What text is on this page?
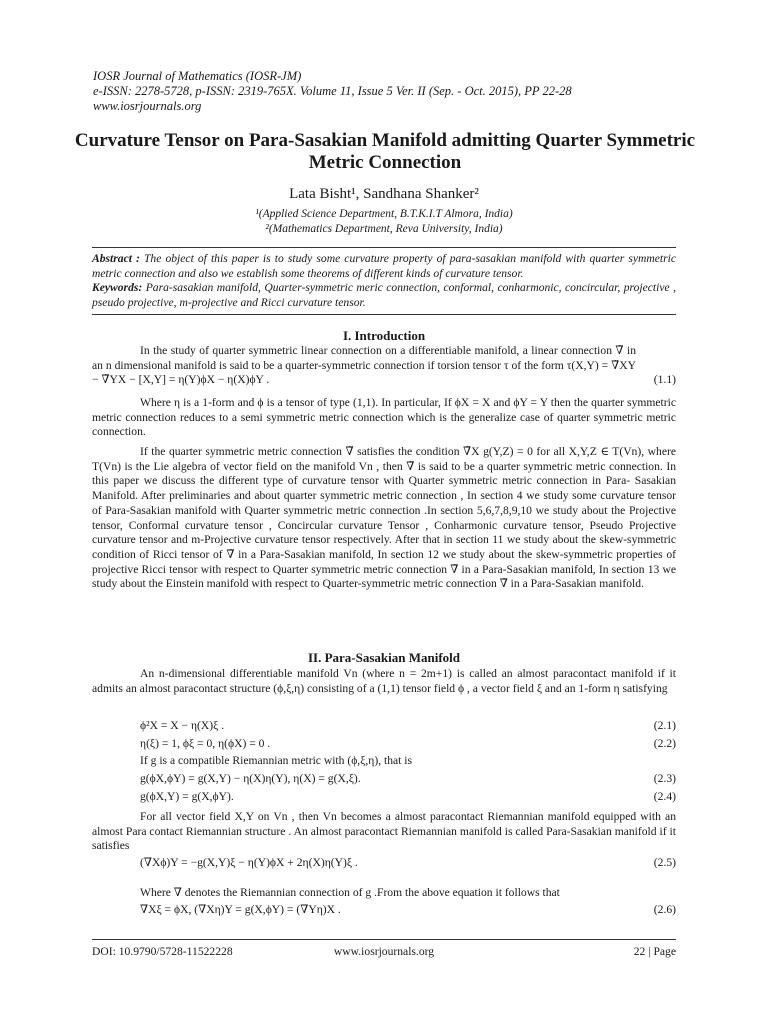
IOSR Journal of Mathematics (IOSR-JM)
e-ISSN: 2278-5728, p-ISSN: 2319-765X. Volume 11, Issue 5 Ver. II (Sep. - Oct. 2015), PP 22-28
www.iosrjournals.org
Curvature Tensor on Para-Sasakian Manifold admitting Quarter Symmetric Metric Connection
Lata Bisht¹, Sandhana Shanker²
¹(Applied Science Department, B.T.K.I.T Almora, India)
²(Mathematics Department, Reva University, India)
Abstract : The object of this paper is to study some curvature property of para-sasakian manifold with quarter symmetric metric connection and also we establish some theorems of different kinds of curvature tensor.
Keywords: Para-sasakian manifold, Quarter-symmetric meric connection, conformal, conharmonic, concircular, projective , pseudo projective, m-projective and Ricci curvature tensor.
I. Introduction
In the study of quarter symmetric linear connection on a differentiable manifold, a linear connection ∇̃ in an n dimensional manifold is said to be a quarter-symmetric connection if torsion tensor τ of the form τ(X,Y) = ∇̃XY − ∇̃YX − [X,Y] = η(Y)ϕX − η(X)ϕY .	(1.1)
Where η is a 1-form and ϕ is a tensor of type (1,1). In particular, If ϕX = X and ϕY = Y then the quarter symmetric metric connection reduces to a semi symmetric metric connection which is the generalize case of quarter symmetric metric connection.
If the quarter symmetric metric connection ∇̃ satisfies the condition ∇̃X g(Y,Z) = 0 for all X,Y,Z ∈ T(Vn), where T(Vn) is the Lie algebra of vector field on the manifold Vn , then ∇̃ is said to be a quarter symmetric metric connection. In this paper we discuss the different type of curvature tensor with Quarter symmetric metric connection in Para- Sasakian Manifold. After preliminaries and about quarter symmetric metric connection , In section 4 we study some curvature tensor of Para-Sasakian manifold with Quarter symmetric metric connection .In section 5,6,7,8,9,10 we study about the Projective tensor, Conformal curvature tensor , Concircular curvature Tensor , Conharmonic curvature tensor, Pseudo Projective curvature tensor and m-Projective curvature tensor respectively. After that in section 11 we study about the skew-symmetric condition of Ricci tensor of ∇̃ in a Para-Sasakian manifold, In section 12 we study about the skew-symmetric properties of projective Ricci tensor with respect to Quarter symmetric metric connection ∇̃ in a Para-Sasakian manifold, In section 13 we study about the Einstein manifold with respect to Quarter-symmetric metric connection ∇̃ in a Para-Sasakian manifold.
II. Para-Sasakian Manifold
An n-dimensional differentiable manifold Vn (where n = 2m+1) is called an almost paracontact manifold if it admits an almost paracontact structure (ϕ,ξ,η) consisting of a (1,1) tensor field ϕ , a vector field ξ and an 1-form η satisfying
ϕ²X = X − η(X)ξ .	(2.1)
η(ξ) = 1, ϕξ = 0, η(ϕX) = 0 .	(2.2)
If g is a compatible Riemannian metric with (ϕ,ξ,η), that is
g(ϕX,ϕY) = g(X,Y) − η(X)η(Y), η(X) = g(X,ξ).	(2.3)
g(ϕX,Y) = g(X,ϕY).	(2.4)
For all vector field X,Y on Vn , then Vn becomes a almost paracontact Riemannian manifold equipped with an almost Para contact Riemannian structure . An almost paracontact Riemannian manifold is called Para-Sasakian manifold if it satisfies
(∇Xϕ)Y = −g(X,Y)ξ − η(Y)ϕX + 2η(X)η(Y)ξ .	(2.5)
Where ∇ denotes the Riemannian connection of g .From the above equation it follows that
∇Xξ = ϕX, (∇Xη)Y = g(X,ϕY) = (∇Yη)X .	(2.6)
DOI: 10.9790/5728-11522228	www.iosrjournals.org	22 | Page
